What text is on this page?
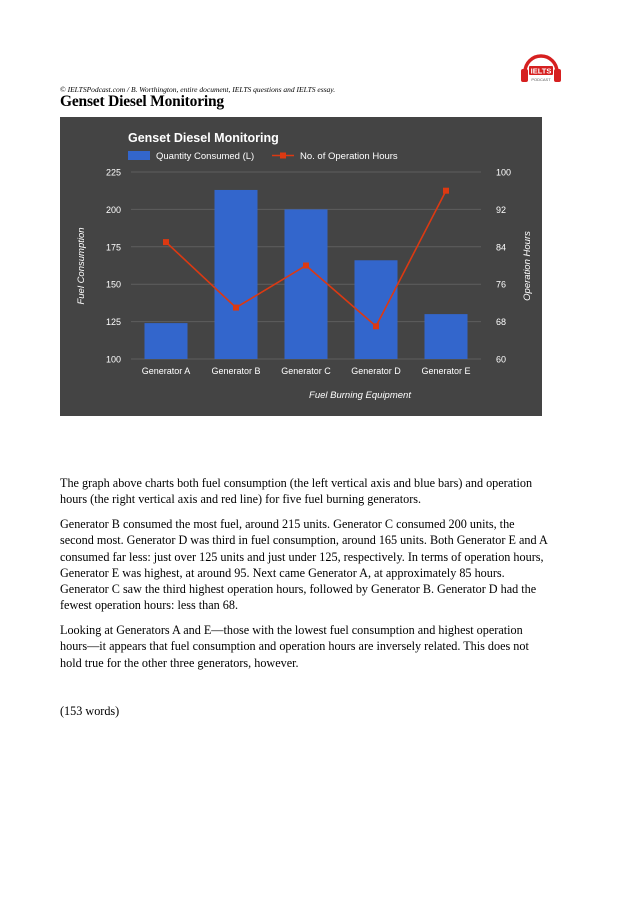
IELTS
PODCAST
© IELTSPodcast.com / B. Worthington, entire document, IELTS questions and IELTS essay.
Genset Diesel Monitoring
100	60
125	68
150	76
175	84
200	92
225	100
Generator A Generator B Generator C Generator D Generator E
Genset Diesel Monitoring
Quantity Consumed (L)	No. of Operation Hours
Fuel Burning Equipment
Fuel Consumption	Operation Hours
The graph above charts both fuel consumption (the left vertical axis and blue bars) and operation
hours (the right vertical axis and red line) for five fuel burning generators.
Generator B consumed the most fuel, around 215 units. Generator C consumed 200 units, the
second most. Generator D was third in fuel consumption, around 165 units. Both Generator E and A
consumed far less: just over 125 units and just under 125, respectively. In terms of operation hours,
Generator E was highest, at around 95. Next came Generator A, at approximately 85 hours.
Generator C saw the third highest operation hours, followed by Generator B. Generator D had the
fewest operation hours: less than 68.
Looking at Generators A and E—those with the lowest fuel consumption and highest operation
hours—it appears that fuel consumption and operation hours are inversely related. This does not
hold true for the other three generators, however.
(153 words)
